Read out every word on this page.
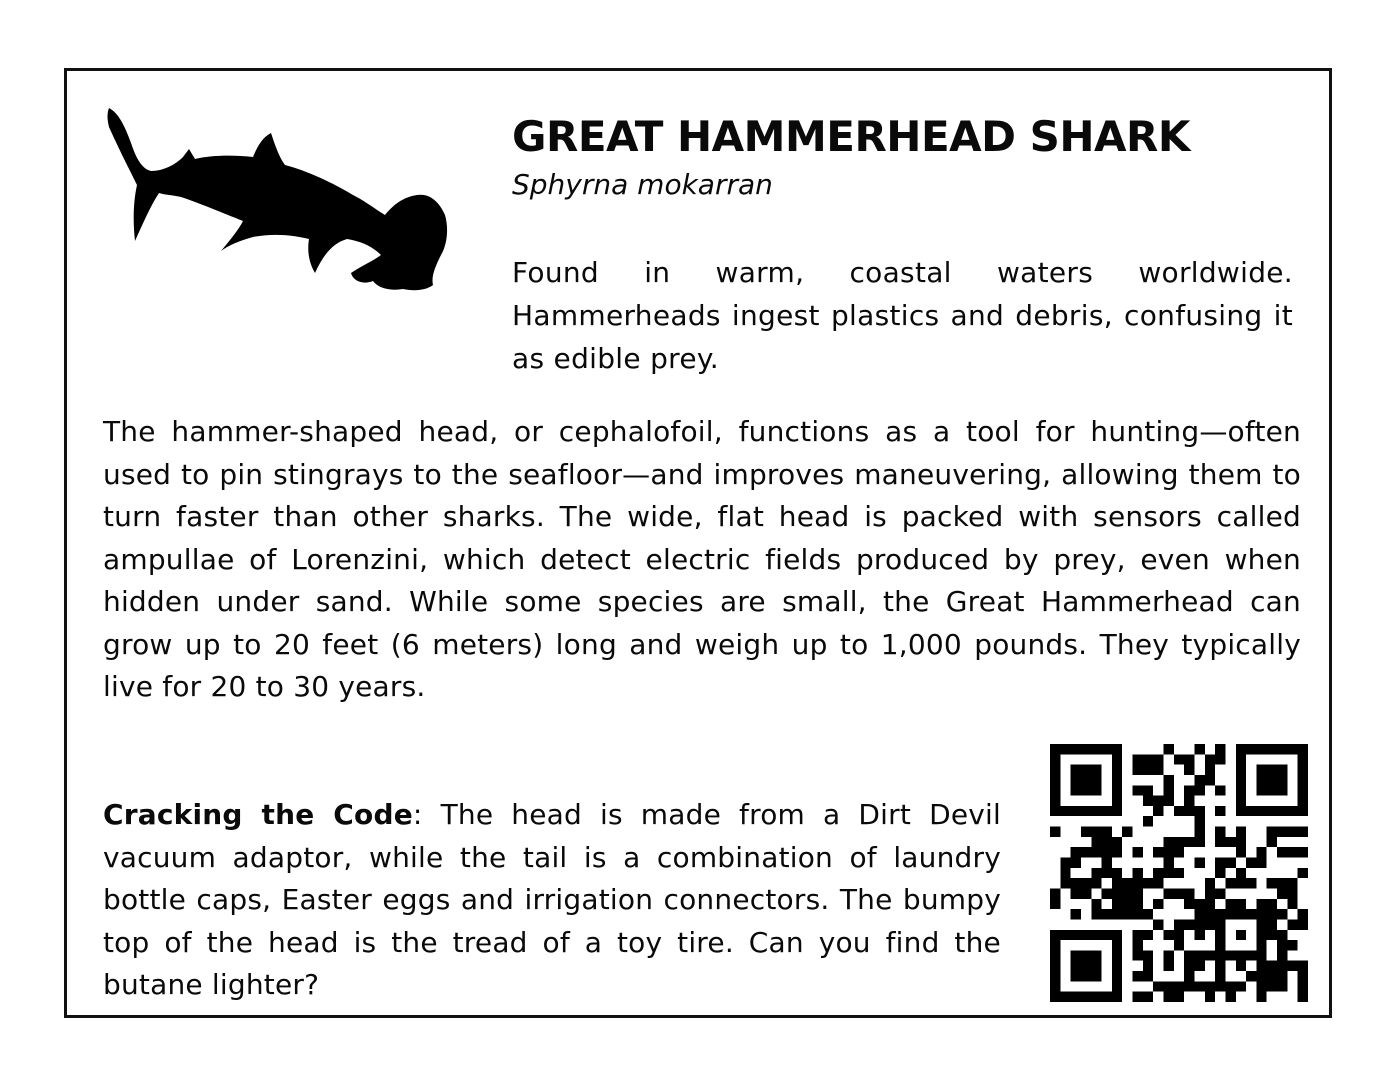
GREAT HAMMERHEAD SHARK

Sphyrna mokarran

Found in warm, coastal waters worldwide. Hammerheads ingest plastics and debris, confusing it as edible prey.

The hammer-shaped head, or cephalofoil, functions as a tool for hunting—often used to pin stingrays to the seafloor—and improves maneuvering, allowing them to turn faster than other sharks. The wide, flat head is packed with sensors called ampullae of Lorenzini, which detect electric fields produced by prey, even when hidden under sand. While some species are small, the Great Hammerhead can grow up to 20 feet (6 meters) long and weigh up to 1,000 pounds. They typically live for 20 to 30 years.

Cracking the Code: The head is made from a Dirt Devil vacuum adaptor, while the tail is a combination of laundry bottle caps, Easter eggs and irrigation connectors. The bumpy top of the head is the tread of a toy tire. Can you find the butane lighter?
